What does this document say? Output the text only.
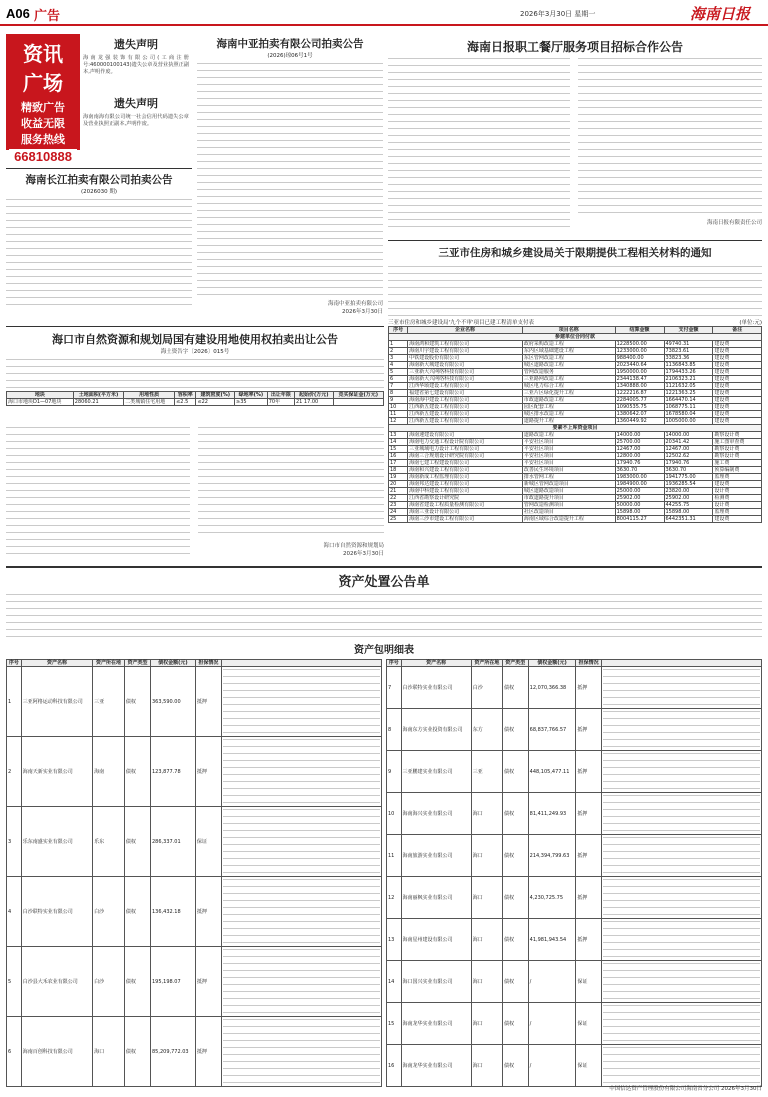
A06 广告	2026年3月30日 星期一	海南日报
资讯
广场
精致广告
收益无限
服务热线
66810888
遗失声明
海南龙强装饰有限公司(工商注册号:460000100143)遗失公章及营业执照正副本,声明作废。
遗失声明
海南南海有限公司统一社会信用代码遗失公章及营业执照正副本,声明作废。
海南长江拍卖有限公司拍卖公告
(2026030 期)
海南中亚拍卖有限公司拍卖公告
(2026)琼06号1号
海南中亚拍卖有限公司
2026年3月30日
海南日报职工餐厅服务项目招标合作公告
海南日报有限责任公司
三亚市住房和城乡建设局关于限期提供工程相关材料的通知
三亚市住房和城乡建设局'九个不审'项目已建工程清单支付表	(单位:元)
序号	企业名称	项目名称	结算金额	支付金额	备注
参建单位合同付款					
1	海南鸿和建筑工程有限公司	政府采购改造工程	1228500.00	49740.31	建设费
2	海南川宇建设工程有限公司	东内区域基础建设工程	1233000.00	73823.61	建设费
3	中铁建设股份有限公司	东区管网改造工程	988400.00	33823.36	建设费
4	海南新大城建设有限公司	城区道路改造工程	2023440.64	1136843.85	建设费
5	三亚新大兴网络科技有限公司	管网改造服务	1950000.00	1794433.26	建设费
6	海南新大兴网络科技有限公司	三亚路网改造工程	2344138.47	2106323.21	建设费
7	江西华颂建设工程有限公司	城区电力综合工程	1340888.00	1121632.05	建设费
8	福建省第七建设有限公司	三亚片区绿化提升工程	1222216.87	1221363.25	建设费
9	海南海中建设工程有限公司	市政道路改造工程	2284005.77	1664470.14	建设费
10	江西新五建设工程有限公司	园区配套工程	1090535.75	1068775.11	建设费
11	江西新五建设工程有限公司	城区排水改造工程	1380642.07	1678580.04	建设费
12	江西新五建设工程有限公司	道路提升工程	1360449.92	1005000.00	建设费
要素不上库资金项目					
13	海南速建设有限公司	道路改造工程	14000.00	14000.00	勘察设计费
14	海南电力交通工程设计院有限公司	平安社区项目	25700.00	20341.42	施工图审查费
15	三亚城域电力设计工程有限公司	平安社区项目	12467.00	12467.00	勘察设计费
16	海南三合规划设计研究院有限公司	平安社区项目	12800.00	12502.62	勘察设计费
17	海南七建工程建设有限公司	平安社区项目	17940.76	17940.76	施工费
18	海南和兴建设工程有限公司	改善民生环境项目	3630.70	3630.70	预算编制费
19	海南新成工程监理有限公司	排水管网工程	1983000.00	1941775.00	监理费
20	海南邦达建设工程有限公司	新城区管网改造项目	1984900.00	1936285.54	建设费
21	海南中科建设工程有限公司	城区道路改造项目	25000.00	23820.00	设计费
22	江西省勘察设计研究院	市政道路提升项目	25902.00	25902.00	检测费
23	海南省建设工程质量检测有限公司	管网改造检测项目	50000.00	44255.75	设计费
24	海南三亚设计有限公司	社区改造项目	15898.00	15898.00	监理费
25	海南三沙市建设工程有限公司	海南区域综合改造提升工程	8004115.27	6442351.31	建设费
海口市自然资源和规划局国有建设用地使用权拍卖出让公告
海土资告字〔2026〕015号
地块	土地面积(平方米)	用地性质	容积率	建筑密度(%)	绿地率(%)	出让年限	起始价(万元)	竞买保证金(万元)
海口市地块D1—07地块	28060.21	二类城镇住宅用地	≤2.5	≤22	≥35	70年	21 17.00	
海口市自然资源和规划局
2026年3月30日
资产处置公告单
资产包明细表
序号	资产名称	资产所在地	资产类型	债权金额(元)	担保情况	
1	三亚阿格运动科技有限公司	三亚	债权	363,590.00	抵押	

2	海南天新实业有限公司	海南	债权	123,877.78	抵押	

3	乐东南盛实业有限公司	乐东	债权	286,337.01	保证	

4	白沙联特实业有限公司	白沙	债权	136,432.18	抵押	

5	白沙县大禾农业有限公司	白沙	债权	195,198.07	抵押	

6	海南百创科技有限公司	海口	债权	85,209,772.03	抵押	
序号	资产名称	资产所在地	资产类型	债权金额(元)	担保情况	
7	白沙联特实业有限公司	白沙	债权	12,070,366.38	抵押	

8	海南东方实业投资有限公司	东方	债权	68,837,766.57	抵押	

9	三亚鹏建实业有限公司	三亚	债权	448,105,477.11	抵押	

10	海南海兴实业有限公司	海口	债权	81,411,249.93	抵押	

11	海南旅游实业有限公司	海口	债权	214,394,799.63	抵押	

12	海南丽枫实业有限公司	海口	债权	4,230,725.75	抵押	

13	海南星州建设有限公司	海口	债权	41,981,943.54	抵押	

14	海口国兴实业有限公司	海口	债权	/	保证	

15	海南龙华实业有限公司	海口	债权	/	保证	

16	海南龙华实业有限公司	海口	债权	/	保证	
中国信达资产管理股份有限公司海南省分公司 2026年3月30日
